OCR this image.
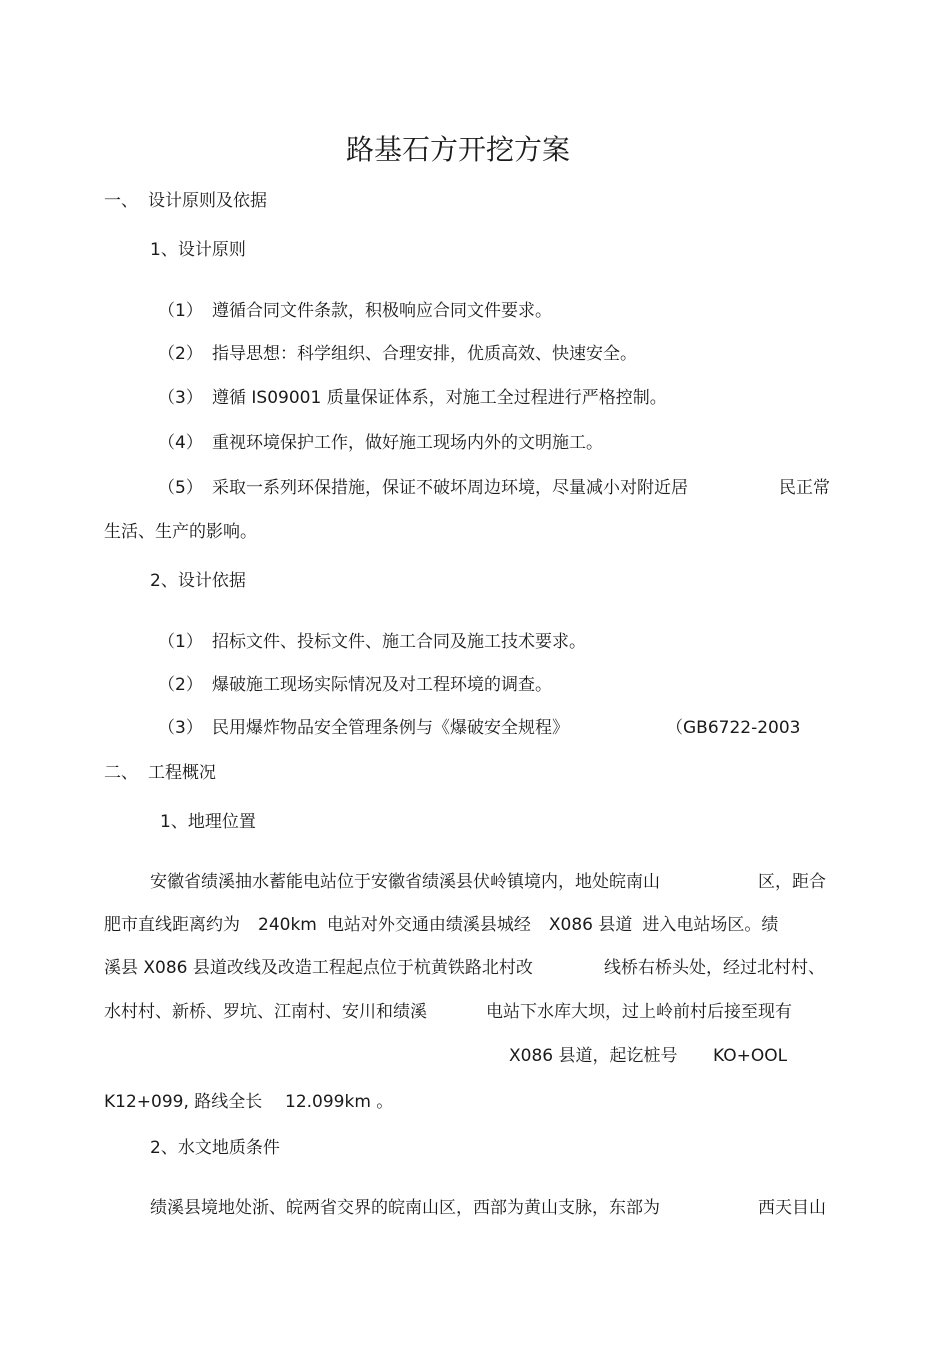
路基石方开挖方案
一、 设计原则及依据
1、设计原则
（1） 遵循合同文件条款，积极响应合同文件要求。
（2） 指导思想：科学组织、合理安排，优质高效、快速安全。
（3） 遵循 IS09001 质量保证体系，对施工全过程进行严格控制。
（4） 重视环境保护工作，做好施工现场内外的文明施工。
（5） 采取一系列环保措施，保证不破坏周边环境，尽量减小对附近居	民正常
生活、生产的影响。
2、设计依据
（1） 招标文件、投标文件、施工合同及施工技术要求。
（2） 爆破施工现场实际情况及对工程环境的调查。
（3） 民用爆炸物品安全管理条例与《爆破安全规程》	（GB6722-2003
二、 工程概况
1、地理位置
安徽省绩溪抽水蓄能电站位于安徽省绩溪县伏岭镇境内，地处皖南山	区，距合
肥市直线距离约为 240km 电站对外交通由绩溪县城经 X086 县道 进入电站场区。绩
溪县 X086 县道改线及改造工程起点位于杭黄铁路北村改	线桥右桥头处，经过北村村、
水村村、新桥、罗坑、江南村、安川和绩溪	电站下水库大坝，过上岭前村后接至现有
X086 县道，起讫桩号 KO+OOL
K12+099, 路线全长 12.099km 。
2、水文地质条件
绩溪县境地处浙、皖两省交界的皖南山区，西部为黄山支脉，东部为	西天目山
